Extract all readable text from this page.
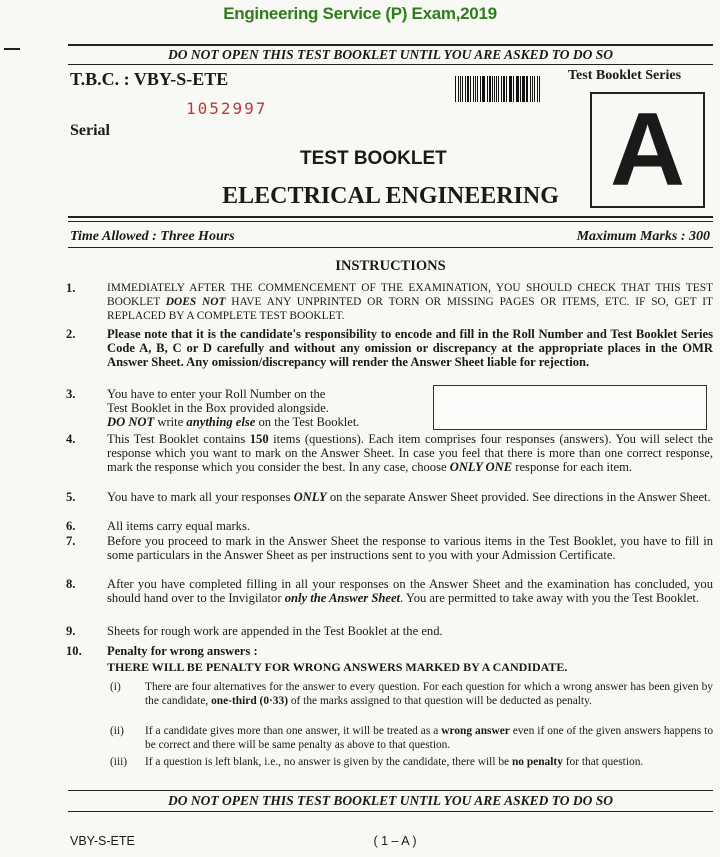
Engineering Service (P) Exam,2019
DO NOT OPEN THIS TEST BOOKLET UNTIL YOU ARE ASKED TO DO SO
T.B.C. : VBY-S-ETE	Test Booklet Series
1052997
Serial	A
TEST BOOKLET
ELECTRICAL ENGINEERING
Time Allowed : Three Hours	Maximum Marks : 300
INSTRUCTIONS
1.	IMMEDIATELY AFTER THE COMMENCEMENT OF THE EXAMINATION, YOU SHOULD CHECK THAT THIS TEST BOOKLET DOES NOT HAVE ANY UNPRINTED OR TORN OR MISSING PAGES OR ITEMS, ETC. IF SO, GET IT REPLACED BY A COMPLETE TEST BOOKLET.
2.	Please note that it is the candidate's responsibility to encode and fill in the Roll Number and Test Booklet Series Code A, B, C or D carefully and without any omission or discrepancy at the appropriate places in the OMR Answer Sheet. Any omission/discrepancy will render the Answer Sheet liable for rejection.
3.	You have to enter your Roll Number on the
Test Booklet in the Box provided alongside.
DO NOT write anything else on the Test Booklet.
4.	This Test Booklet contains 150 items (questions). Each item comprises four responses (answers). You will select the response which you want to mark on the Answer Sheet. In case you feel that there is more than one correct response, mark the response which you consider the best. In any case, choose ONLY ONE response for each item.
5.	You have to mark all your responses ONLY on the separate Answer Sheet provided. See directions in the Answer Sheet.
6.	All items carry equal marks.
7.	Before you proceed to mark in the Answer Sheet the response to various items in the Test Booklet, you have to fill in some particulars in the Answer Sheet as per instructions sent to you with your Admission Certificate.
8.	After you have completed filling in all your responses on the Answer Sheet and the examination has concluded, you should hand over to the Invigilator only the Answer Sheet. You are permitted to take away with you the Test Booklet.
9.	Sheets for rough work are appended in the Test Booklet at the end.
10.	Penalty for wrong answers :
THERE WILL BE PENALTY FOR WRONG ANSWERS MARKED BY A CANDIDATE.
(i) There are four alternatives for the answer to every question. For each question for which a wrong answer has been given by the candidate, one-third (0·33) of the marks assigned to that question will be deducted as penalty.
(ii) If a candidate gives more than one answer, it will be treated as a wrong answer even if one of the given answers happens to be correct and there will be same penalty as above to that question.
(iii) If a question is left blank, i.e., no answer is given by the candidate, there will be no penalty for that question.
DO NOT OPEN THIS TEST BOOKLET UNTIL YOU ARE ASKED TO DO SO
VBY-S-ETE	( 1 – A )
